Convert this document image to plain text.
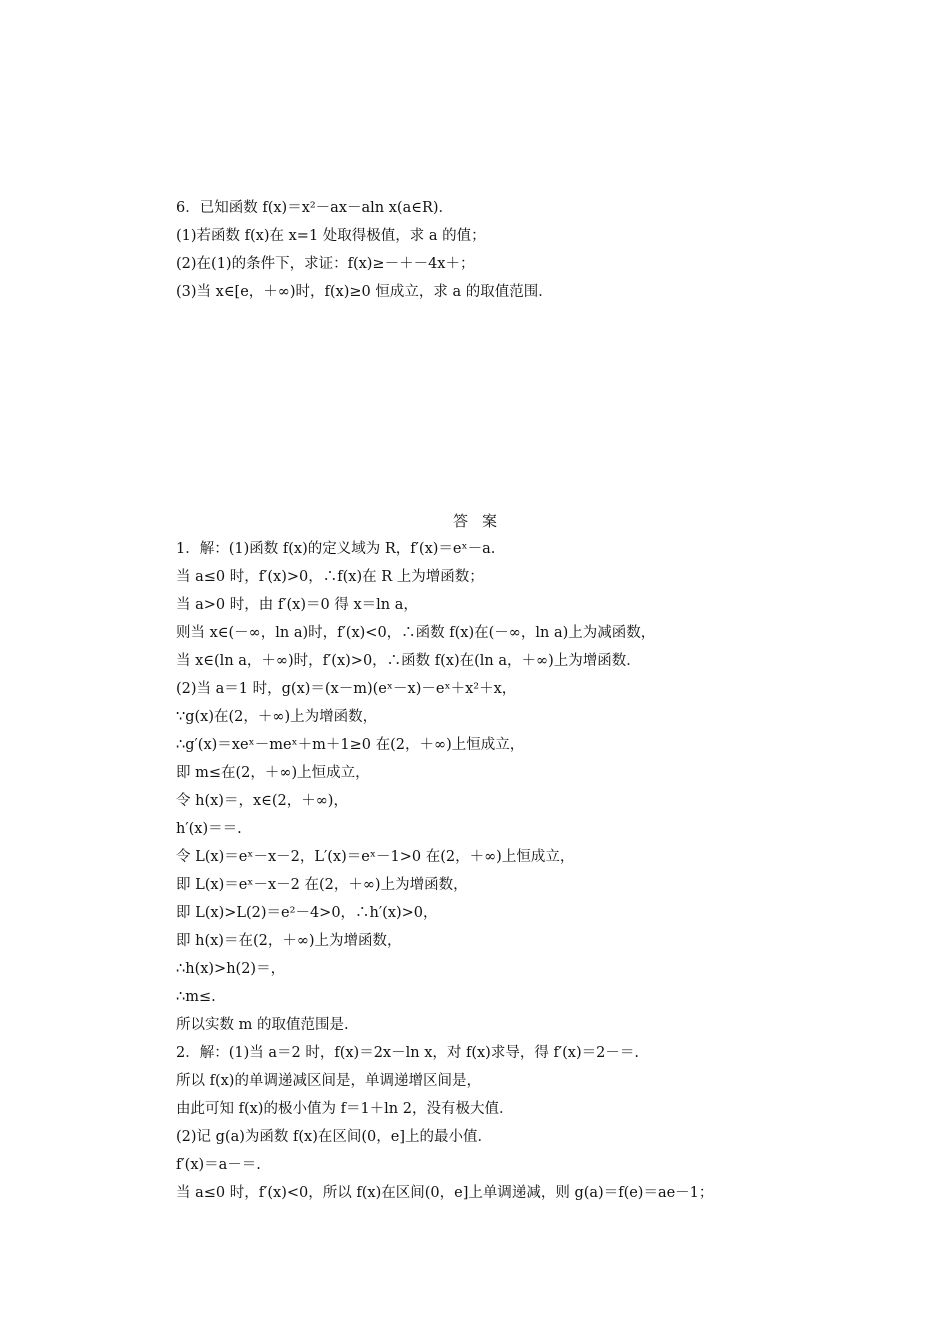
6．已知函数 f(x)＝x²－ax－aln x(a∈R)．
(1)若函数 f(x)在 x=1 处取得极值，求 a 的值；
(2)在(1)的条件下，求证：f(x)≥－＋－4x＋；
(3)当 x∈[e，＋∞)时，f(x)≥0 恒成立，求 a 的取值范围．
答案
1．解：(1)函数 f(x)的定义域为 R，f′(x)＝eˣ－a.
当 a≤0 时，f′(x)>0，∴f(x)在 R 上为增函数；
当 a>0 时，由 f′(x)＝0 得 x＝ln a，
则当 x∈(－∞，ln a)时，f′(x)<0，∴函数 f(x)在(－∞，ln a)上为减函数，
当 x∈(ln a，＋∞)时，f′(x)>0，∴函数 f(x)在(ln a，＋∞)上为增函数．
(2)当 a＝1 时，g(x)＝(x－m)(eˣ－x)－eˣ＋x²＋x，
∵g(x)在(2，＋∞)上为增函数，
∴g′(x)＝xeˣ－meˣ＋m＋1≥0 在(2，＋∞)上恒成立，
即 m≤在(2，＋∞)上恒成立，
令 h(x)＝，x∈(2，＋∞)，
h′(x)＝＝.
令 L(x)＝eˣ－x－2，L′(x)＝eˣ－1>0 在(2，＋∞)上恒成立，
即 L(x)＝eˣ－x－2 在(2，＋∞)上为增函数，
即 L(x)>L(2)＝e²－4>0，∴h′(x)>0，
即 h(x)＝在(2，＋∞)上为增函数，
∴h(x)>h(2)＝，
∴m≤.
所以实数 m 的取值范围是.
2．解：(1)当 a＝2 时，f(x)＝2x－ln x，对 f(x)求导，得 f′(x)＝2－＝.
所以 f(x)的单调递减区间是，单调递增区间是，
由此可知 f(x)的极小值为 f＝1＋ln 2，没有极大值．
(2)记 g(a)为函数 f(x)在区间(0，e]上的最小值．
f′(x)＝a－＝.
当 a≤0 时，f′(x)<0，所以 f(x)在区间(0，e]上单调递减，则 g(a)＝f(e)＝ae－1；
